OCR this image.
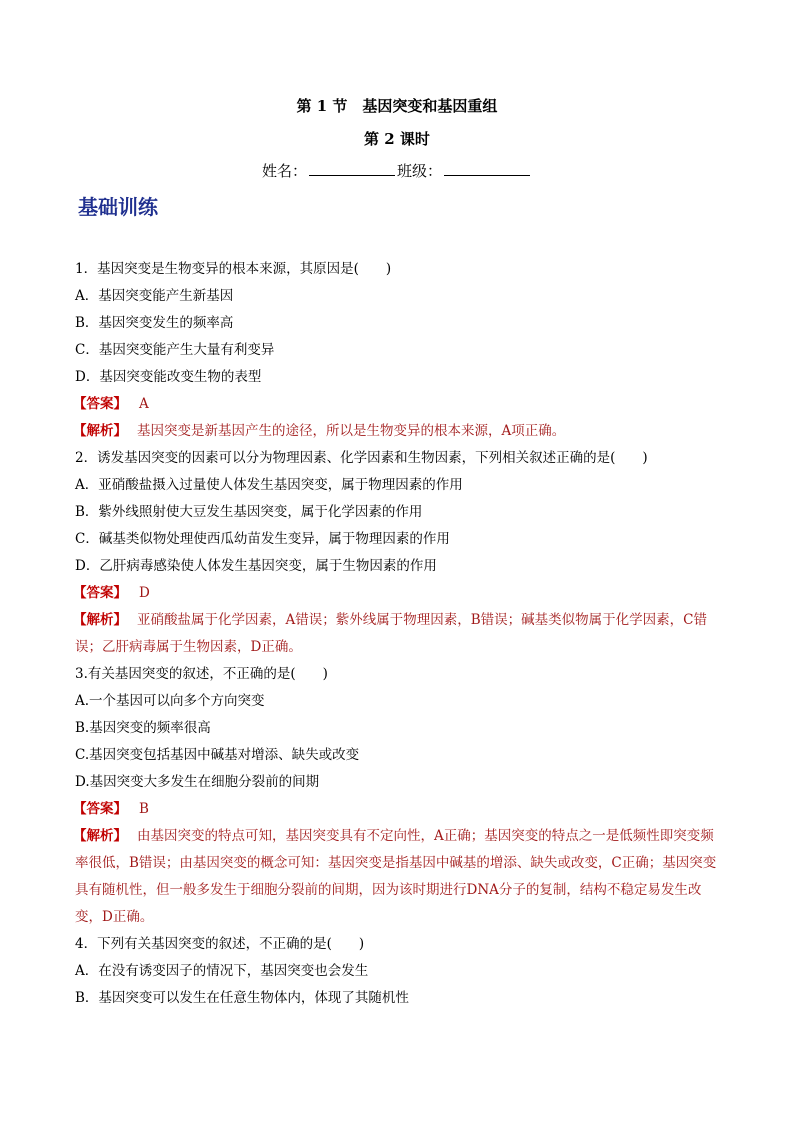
第 1 节　基因突变和基因重组
第 2 课时
姓名：	班级：
基础训练
1．基因突变是生物变异的根本来源，其原因是(　　)
A．基因突变能产生新基因
B．基因突变发生的频率高
C．基因突变能产生大量有利变异
D．基因突变能改变生物的表型
【答案】 A
【解析】 基因突变是新基因产生的途径，所以是生物变异的根本来源，A项正确。
2．诱发基因突变的因素可以分为物理因素、化学因素和生物因素，下列相关叙述正确的是(　　)
A．亚硝酸盐摄入过量使人体发生基因突变，属于物理因素的作用
B．紫外线照射使大豆发生基因突变，属于化学因素的作用
C．碱基类似物处理使西瓜幼苗发生变异，属于物理因素的作用
D．乙肝病毒感染使人体发生基因突变，属于生物因素的作用
【答案】 D
【解析】 亚硝酸盐属于化学因素，A错误；紫外线属于物理因素，B错误；碱基类似物属于化学因素，C错误；乙肝病毒属于生物因素，D正确。
3.有关基因突变的叙述，不正确的是(　　)
A.一个基因可以向多个方向突变
B.基因突变的频率很高
C.基因突变包括基因中碱基对增添、缺失或改变
D.基因突变大多发生在细胞分裂前的间期
【答案】 B
【解析】 由基因突变的特点可知，基因突变具有不定向性，A正确；基因突变的特点之一是低频性即突变频率很低，B错误；由基因突变的概念可知：基因突变是指基因中碱基的增添、缺失或改变，C正确；基因突变具有随机性，但一般多发生于细胞分裂前的间期，因为该时期进行DNA分子的复制，结构不稳定易发生改变，D正确。
4．下列有关基因突变的叙述，不正确的是(　　)
A．在没有诱变因子的情况下，基因突变也会发生
B．基因突变可以发生在任意生物体内，体现了其随机性
